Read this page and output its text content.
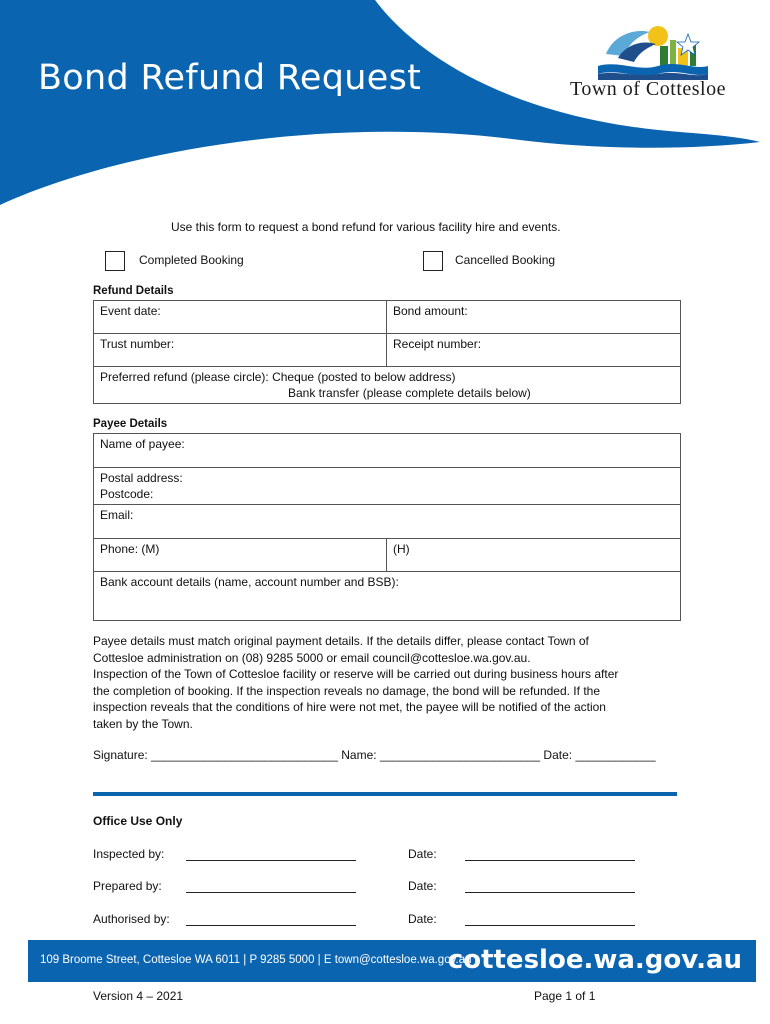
Bond Refund Request	Town of Cottesloe
Use this form to request a bond refund for various facility hire and events.
Completed Booking	Cancelled Booking
Refund Details
Event date:	Bond amount:
Trust number:	Receipt number:

Preferred refund (please circle): Cheque (posted to below address)
Bank transfer (please complete details below)	
Payee Details
Name of payee:

Postal address:
Postcode:

Email:
Phone: (M)	(H)
Bank account details (name, account number and BSB):
Payee details must match original payment details. If the details differ, please contact Town of
Cottesloe administration on (08) 9285 5000 or email council@cottesloe.wa.gov.au.
Inspection of the Town of Cottesloe facility or reserve will be carried out during business hours after
the completion of booking. If the inspection reveals no damage, the bond will be refunded. If the
inspection reveals that the conditions of hire were not met, the payee will be notified of the action
taken by the Town.
Signature: ____________________________ Name: ________________________ Date: ____________
Office Use Only
Inspected by:	Date:
Prepared by:	Date:
Authorised by:	Date:
109 Broome Street, Cottesloe WA 6011 | P 9285 5000 | E town@cottesloe.wa.gov.au
cottesloe.wa.gov.au
Version 4 – 2021	Page 1 of 1
